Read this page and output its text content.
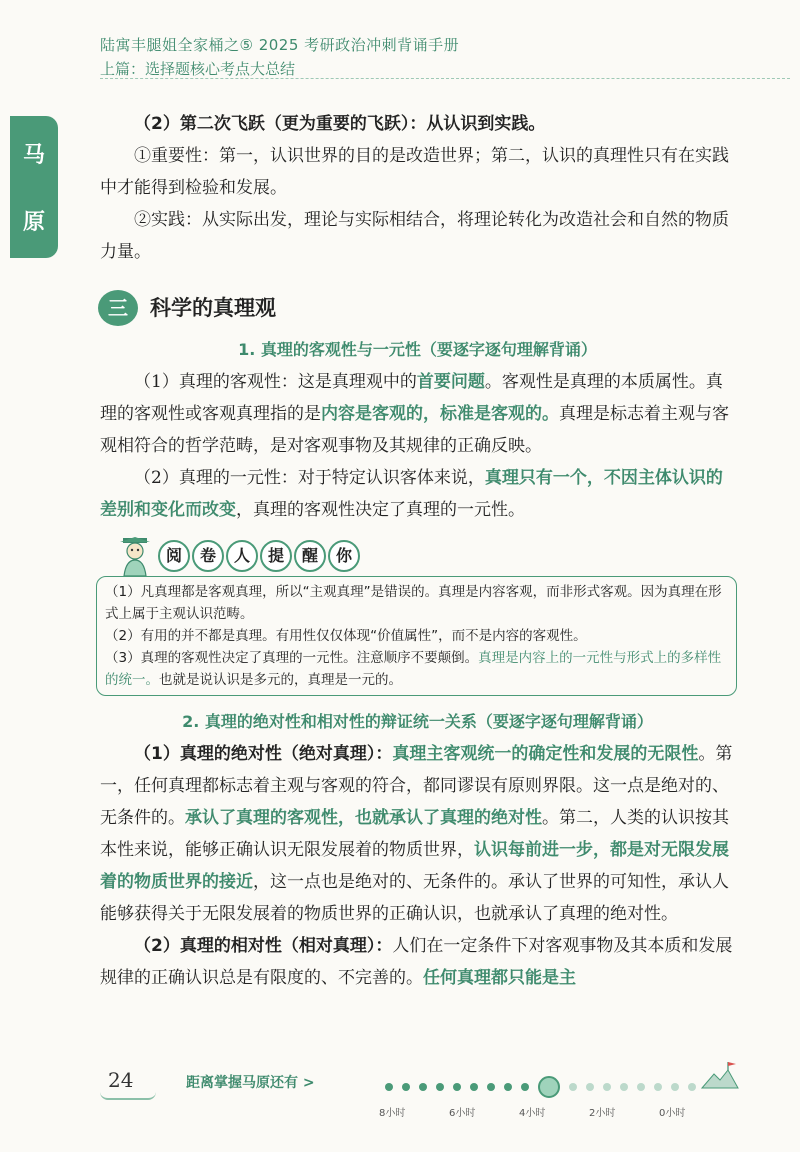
陆寓丰腿姐全家桶之⑤ 2025 考研政治冲刺背诵手册
上篇：选择题核心考点大总结
马
原

（2）第二次飞跃（更为重要的飞跃）：从认识到实践。

①重要性：第一，认识世界的目的是改造世界；第二，认识的真理性只有在实践中才能得到检验和发展。

②实践：从实际出发，理论与实际相结合，将理论转化为改造社会和自然的物质力量。

三	科学的真理观
1. 真理的客观性与一元性（要逐字逐句理解背诵）

（1）真理的客观性：这是真理观中的首要问题。客观性是真理的本质属性。真理的客观性或客观真理指的是内容是客观的，标准是客观的。真理是标志着主观与客观相符合的哲学范畴，是对客观事物及其规律的正确反映。

（2）真理的一元性：对于特定认识客体来说，真理只有一个，不因主体认识的差别和变化而改变，真理的客观性决定了真理的一元性。

阅	卷	人	提	醒	你
（1）凡真理都是客观真理，所以“主观真理”是错误的。真理是内容客观，而非形式客观。因为真理在形式上属于主观认识范畴。
（2）有用的并不都是真理。有用性仅仅体现“价值属性”，而不是内容的客观性。
（3）真理的客观性决定了真理的一元性。注意顺序不要颠倒。真理是内容上的一元性与形式上的多样性的统一。也就是说认识是多元的，真理是一元的。
2. 真理的绝对性和相对性的辩证统一关系（要逐字逐句理解背诵）

（1）真理的绝对性（绝对真理）：真理主客观统一的确定性和发展的无限性。第一，任何真理都标志着主观与客观的符合，都同谬误有原则界限。这一点是绝对的、无条件的。承认了真理的客观性，也就承认了真理的绝对性。第二，人类的认识按其本性来说，能够正确认识无限发展着的物质世界，认识每前进一步，都是对无限发展着的物质世界的接近，这一点也是绝对的、无条件的。承认了世界的可知性，承认人能够获得关于无限发展着的物质世界的正确认识，也就承认了真理的绝对性。

（2）真理的相对性（相对真理）：人们在一定条件下对客观事物及其本质和发展规律的正确认识总是有限度的、不完善的。任何真理都只能是主

24	距离掌握马原还有 >
8小时	6小时	4小时	2小时	0小时
